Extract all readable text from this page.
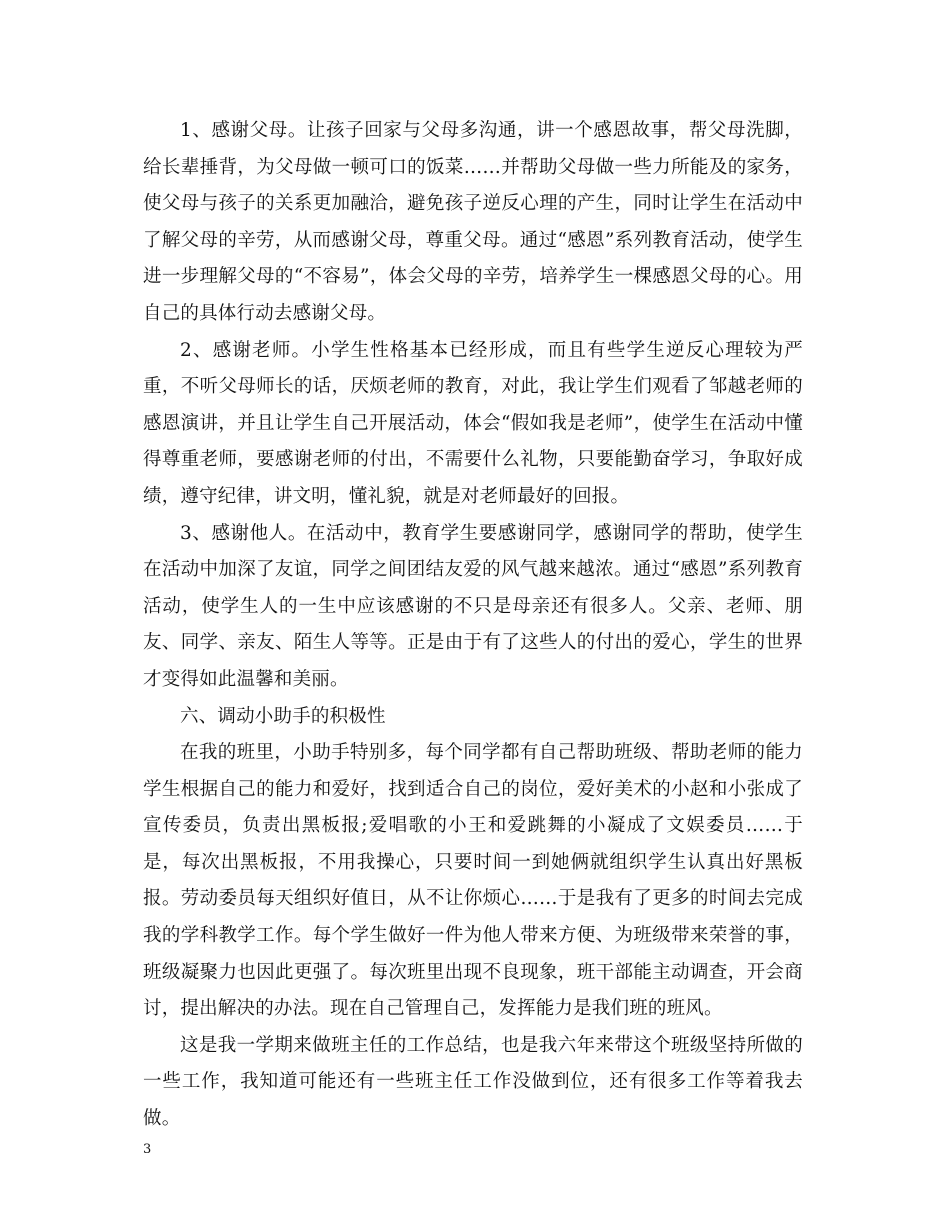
1、感谢父母。让孩子回家与父母多沟通，讲一个感恩故事，帮父母洗脚，给长辈捶背，为父母做一顿可口的饭菜……并帮助父母做一些力所能及的家务，使父母与孩子的关系更加融洽，避免孩子逆反心理的产生，同时让学生在活动中了解父母的辛劳，从而感谢父母，尊重父母。通过“感恩”系列教育活动，使学生进一步理解父母的“不容易”，体会父母的辛劳，培养学生一棵感恩父母的心。用自己的具体行动去感谢父母。

2、感谢老师。小学生性格基本已经形成，而且有些学生逆反心理较为严重，不听父母师长的话，厌烦老师的教育，对此，我让学生们观看了邹越老师的感恩演讲，并且让学生自己开展活动，体会“假如我是老师”，使学生在活动中懂得尊重老师，要感谢老师的付出，不需要什么礼物，只要能勤奋学习，争取好成绩，遵守纪律，讲文明，懂礼貌，就是对老师最好的回报。

3、感谢他人。在活动中，教育学生要感谢同学，感谢同学的帮助，使学生在活动中加深了友谊，同学之间团结友爱的风气越来越浓。通过“感恩”系列教育活动，使学生人的一生中应该感谢的不只是母亲还有很多人。父亲、老师、朋友、同学、亲友、陌生人等等。正是由于有了这些人的付出的爱心，学生的世界才变得如此温馨和美丽。

六、调动小助手的积极性

在我的班里，小助手特别多，每个同学都有自己帮助班级、帮助老师的能力学生根据自己的能力和爱好，找到适合自己的岗位，爱好美术的小赵和小张成了宣传委员，负责出黑板报;爱唱歌的小王和爱跳舞的小凝成了文娱委员……于是，每次出黑板报，不用我操心，只要时间一到她俩就组织学生认真出好黑板报。劳动委员每天组织好值日，从不让你烦心……于是我有了更多的时间去完成我的学科教学工作。每个学生做好一件为他人带来方便、为班级带来荣誉的事，班级凝聚力也因此更强了。每次班里出现不良现象，班干部能主动调查，开会商讨，提出解决的办法。现在自己管理自己，发挥能力是我们班的班风。

这是我一学期来做班主任的工作总结，也是我六年来带这个班级坚持所做的一些工作，我知道可能还有一些班主任工作没做到位，还有很多工作等着我去做。

3
